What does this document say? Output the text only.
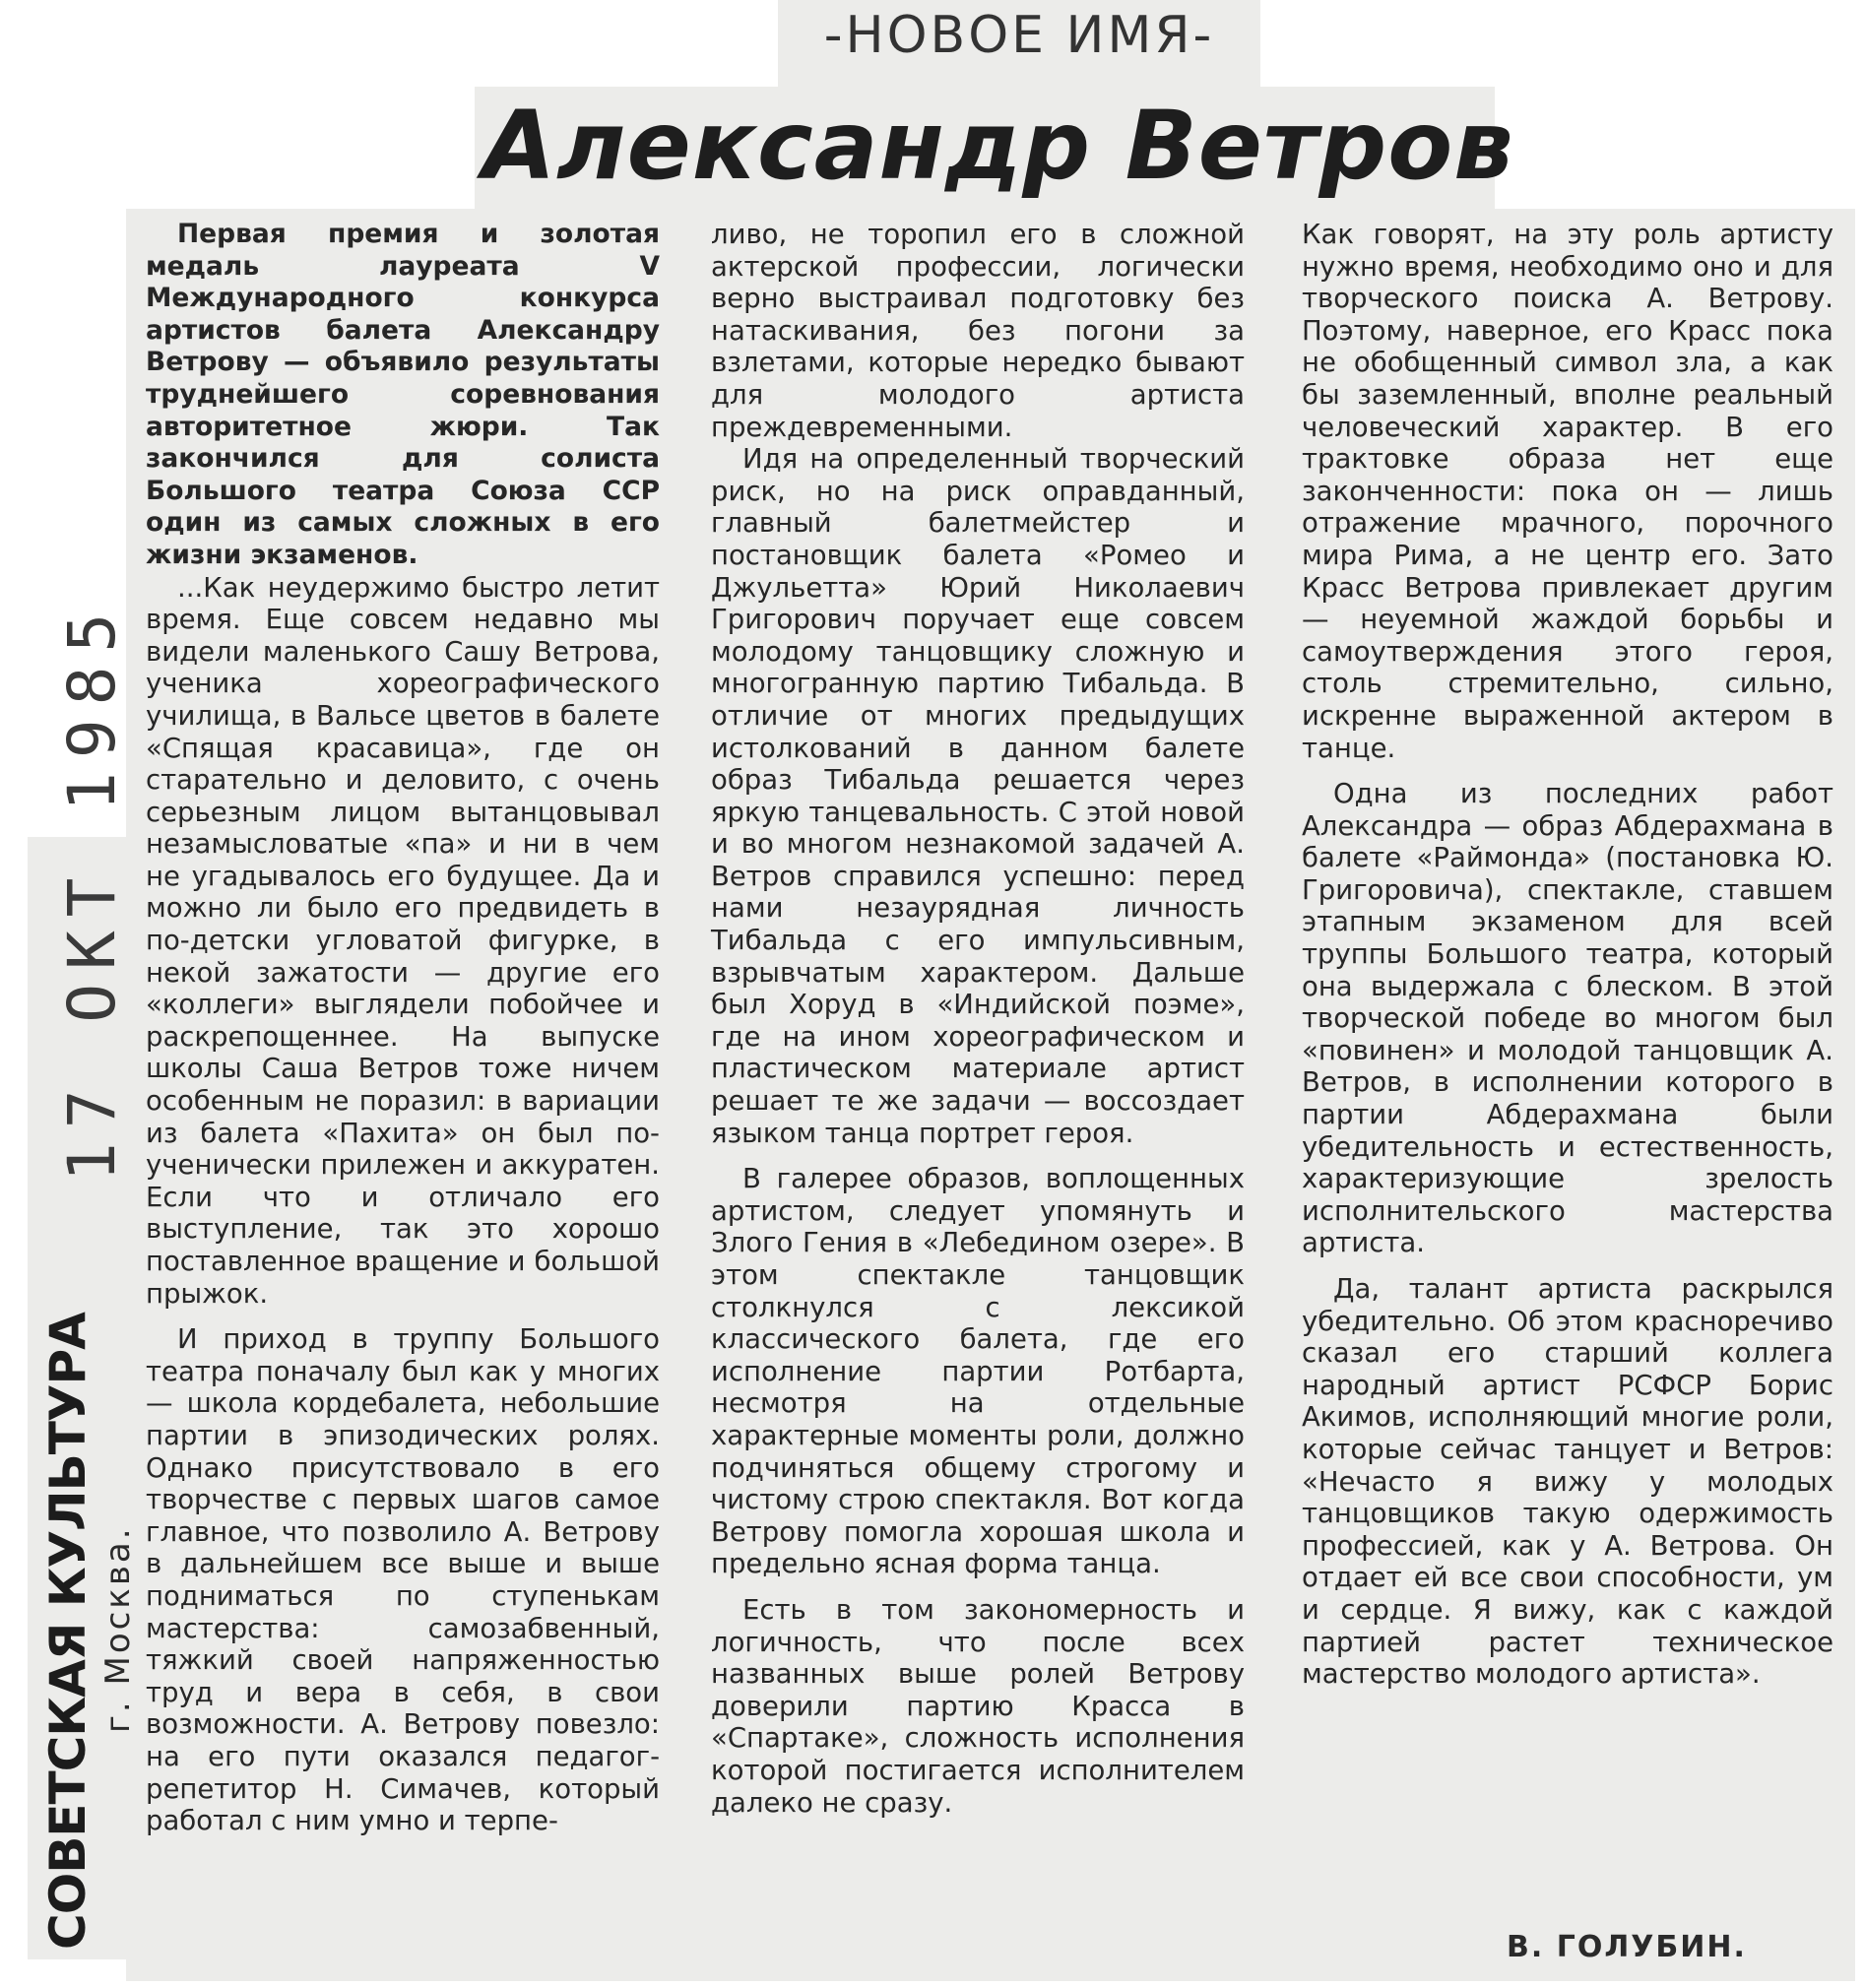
-НОВОЕ ИМЯ-
Александр Ветров

Первая премия и золотая медаль лауреата V Международного конкурса артистов балета Александру Ветрову — объявило результаты труднейшего соревнования авторитетное жюри. Так закончился для солиста Большого театра Союза ССР один из самых сложных в его жизни экзаменов.

...Как неудержимо быстро летит время. Еще совсем недавно мы видели маленького Сашу Ветрова, ученика хореографического училища, в Вальсе цветов в балете «Спящая красавица», где он старательно и деловито, с очень серьезным лицом вытанцовывал незамысловатые «па» и ни в чем не угадывалось его будущее. Да и можно ли было его предвидеть в по-детски угловатой фигурке, в некой зажатости — другие его «коллеги» выглядели побойчее и раскрепощеннее. На выпуске школы Саша Ветров тоже ничем особенным не поразил: в вариации из балета «Пахита» он был по-ученически прилежен и аккуратен. Если что и отличало его выступление, так это хорошо поставленное вращение и большой прыжок.

И приход в труппу Большого театра поначалу был как у многих — школа кордебалета, небольшие партии в эпизодических ролях. Однако присутствовало в его творчестве с первых шагов самое главное, что позволило А. Ветрову в дальнейшем все выше и выше подниматься по ступенькам мастерства: самозабвенный, тяжкий своей напряженностью труд и вера в себя, в свои возможности. А. Ветрову повезло: на его пути оказался педагог-репетитор Н. Симачев, который работал с ним умно и терпе-

ливо, не торопил его в сложной актерской профессии, логически верно выстраивал подготовку без натаскивания, без погони за взлетами, которые нередко бывают для молодого артиста преждевременными.

Идя на определенный творческий риск, но на риск оправданный, главный балетмейстер и постановщик балета «Ромео и Джульетта» Юрий Николаевич Григорович поручает еще совсем молодому танцовщику сложную и многогранную партию Тибальда. В отличие от многих предыдущих истолкований в данном балете образ Тибальда решается через яркую танцевальность. С этой новой и во многом незнакомой задачей А. Ветров справился успешно: перед нами незаурядная личность Тибальда с его импульсивным, взрывчатым характером. Дальше был Хоруд в «Индийской поэме», где на ином хореографическом и пластическом материале артист решает те же задачи — воссоздает языком танца портрет героя.

В галерее образов, воплощенных артистом, следует упомянуть и Злого Гения в «Лебедином озере». В этом спектакле танцовщик столкнулся с лексикой классического балета, где его исполнение партии Ротбарта, несмотря на отдельные характерные моменты роли, должно подчиняться общему строгому и чистому строю спектакля. Вот когда Ветрову помогла хорошая школа и предельно ясная форма танца.

Есть в том закономерность и логичность, что после всех названных выше ролей Ветрову доверили партию Красса в «Спартаке», сложность исполнения которой постигается исполнителем далеко не сразу.

Как говорят, на эту роль артисту нужно время, необходимо оно и для творческого поиска А. Ветрову. Поэтому, наверное, его Красс пока не обобщенный символ зла, а как бы заземленный, вполне реальный человеческий характер. В его трактовке образа нет еще законченности: пока он — лишь отражение мрачного, порочного мира Рима, а не центр его. Зато Красс Ветрова привлекает другим — неуемной жаждой борьбы и самоутверждения этого героя, столь стремительно, сильно, искренне выраженной актером в танце.

Одна из последних работ Александра — образ Абдерахмана в балете «Раймонда» (постановка Ю. Григоровича), спектакле, ставшем этапным экзаменом для всей труппы Большого театра, который она выдержала с блеском. В этой творческой победе во многом был «повинен» и молодой танцовщик А. Ветров, в исполнении которого в партии Абдерахмана были убедительность и естественность, характеризующие зрелость исполнительского мастерства артиста.

Да, талант артиста раскрылся убедительно. Об этом красноречиво сказал его старший коллега народный артист РСФСР Борис Акимов, исполняющий многие роли, которые сейчас танцует и Ветров: «Нечасто я вижу у молодых танцовщиков такую одержимость профессией, как у А. Ветрова. Он отдает ей все свои способности, ум и сердце. Я вижу, как с каждой партией растет техническое мастерство молодого артиста».

В. ГОЛУБИН.
17 ОКТ 1985
СОВЕТСКАЯ КУЛЬТУРА г. Москва.
